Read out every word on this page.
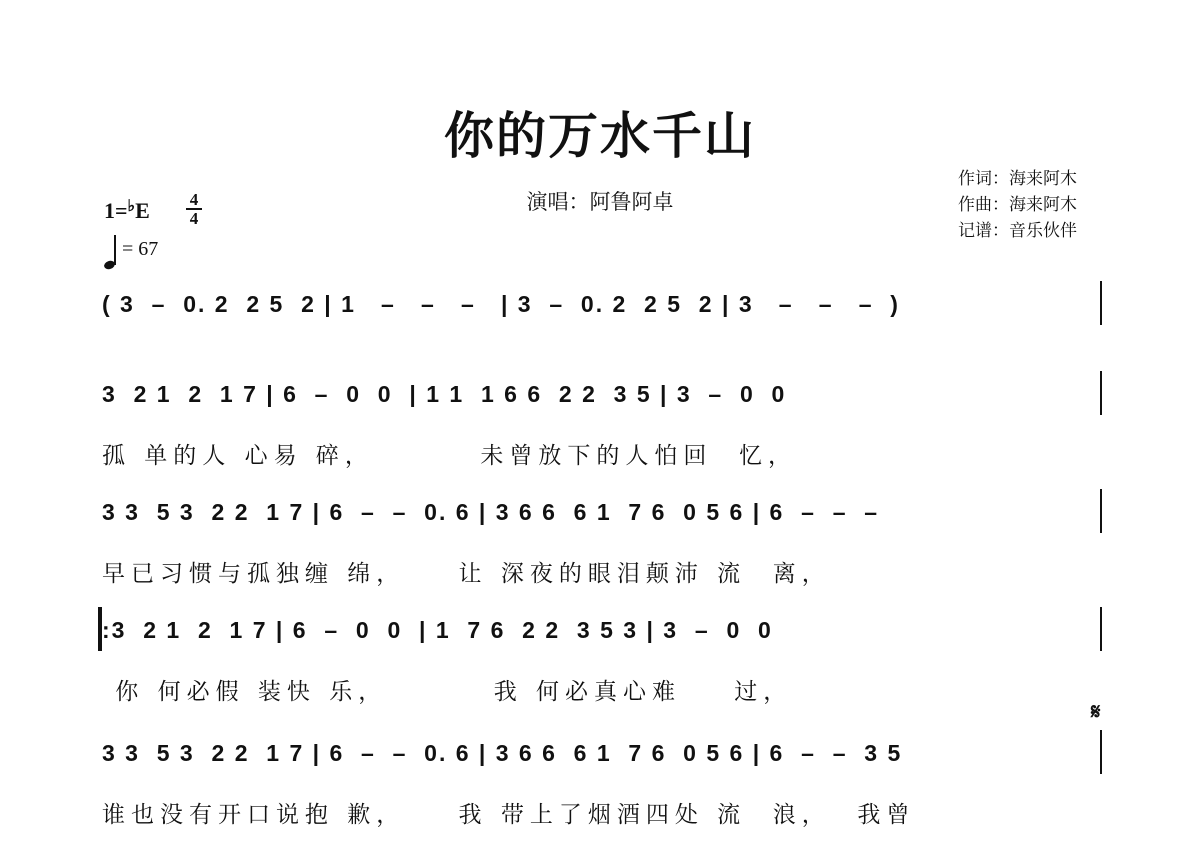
你的万水千山
演唱：阿鲁阿卓
作词：海来阿木
作曲：海来阿木
记谱：音乐伙伴
1=♭E 4
4
= 67
( 3  –  0. 2  2 5  2 | 1   –   –   –   | 3  –  0. 2  2 5  2 | 3   –   –   –  )
3  2 1  2  1 7 | 6  –  0  0  | 1 1  1 6 6  2 2  3 5 | 3  –  0  0
孤 单的人 心易 碎，        未曾放下的人怕回  忆，
3 3  5 3  2 2  1 7 | 6  –  –  0. 6 | 3 6 6  6 1  7 6  0 5 6 | 6  –  –  –
早已习惯与孤独缠 绵，    让 深夜的眼泪颠沛 流  离，
:3  2 1  2  1 7 | 6  –  0  0  | 1  7 6  2 2  3 5 3 | 3  –  0  0
你 何必假 装快 乐，        我 何必真心难    过，
3 3  5 3  2 2  1 7 | 6  –  –  0. 6 | 3 6 6  6 1  7 6  0 5 6 | 6  –  –  3 5
谁也没有开口说抱 歉，    我 带上了烟酒四处 流  浪，  我曾
𝄋
